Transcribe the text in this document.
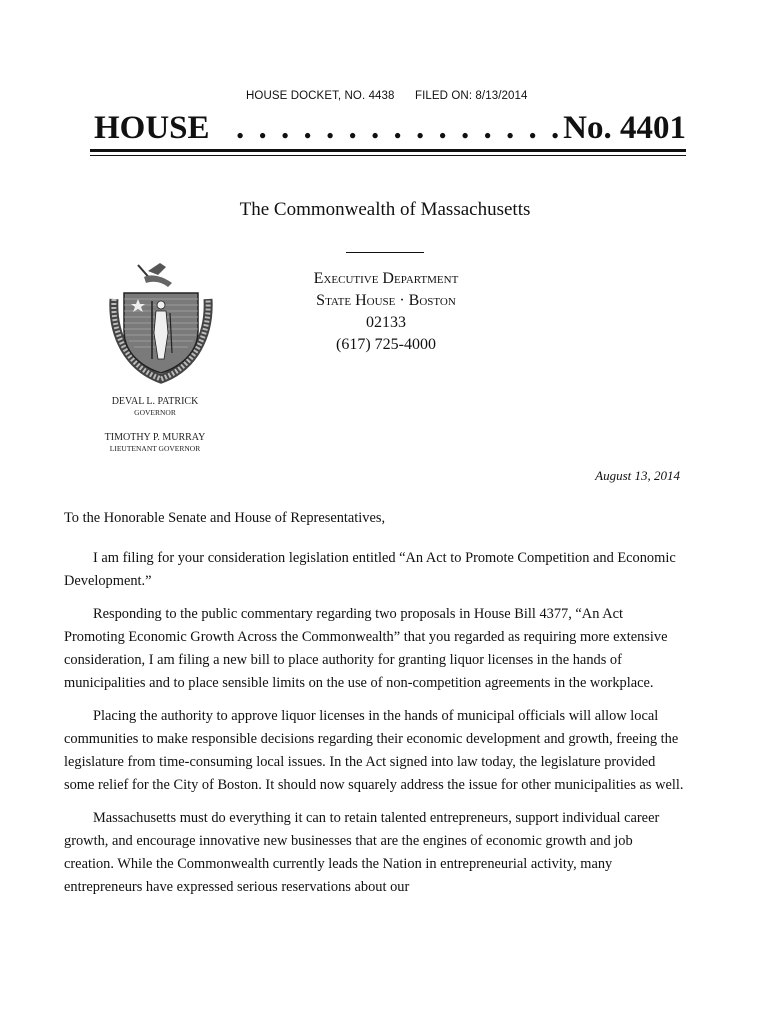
HOUSE DOCKET, NO. 4438 FILED ON: 8/13/2014
HOUSE . . . . . . . . . . . . . . . No. 4401
The Commonwealth of Massachusetts
Executive Department
State House · Boston 02133
(617) 725-4000
DEVAL L. PATRICK
GOVERNOR
TIMOTHY P. MURRAY
LIEUTENANT GOVERNOR
August 13, 2014
To the Honorable Senate and House of Representatives,

I am filing for your consideration legislation entitled “An Act to Promote Competition and Economic Development.”

Responding to the public commentary regarding two proposals in House Bill 4377, “An Act Promoting Economic Growth Across the Commonwealth” that you regarded as requiring more extensive consideration, I am filing a new bill to place authority for granting liquor licenses in the hands of municipalities and to place sensible limits on the use of non-competition agreements in the workplace.

Placing the authority to approve liquor licenses in the hands of municipal officials will allow local communities to make responsible decisions regarding their economic development and growth, freeing the legislature from time-consuming local issues. In the Act signed into law today, the legislature provided some relief for the City of Boston. It should now squarely address the issue for other municipalities as well.

Massachusetts must do everything it can to retain talented entrepreneurs, support individual career growth, and encourage innovative new businesses that are the engines of economic growth and job creation. While the Commonwealth currently leads the Nation in entrepreneurial activity, many entrepreneurs have expressed serious reservations about our
